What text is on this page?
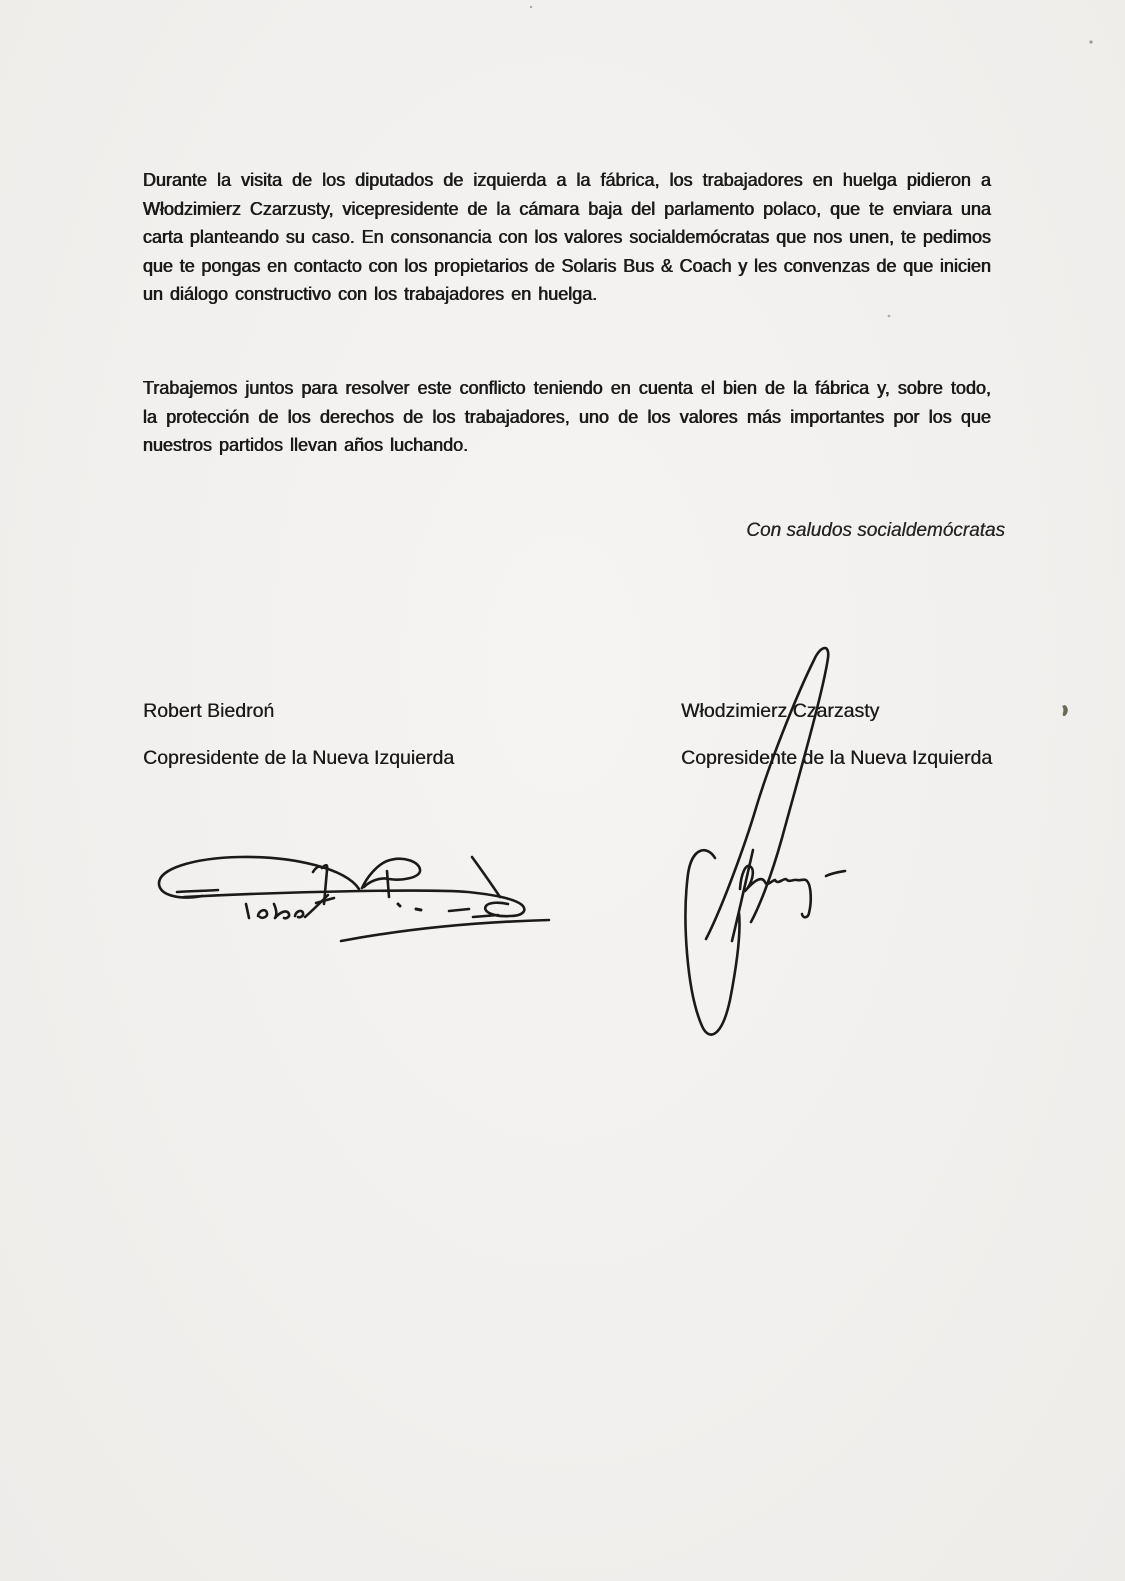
Durante la visita de los diputados de izquierda a la fábrica, los trabajadores en huelga pidieron a
Włodzimierz Czarzusty, vicepresidente de la cámara baja del parlamento polaco, que te enviara una
carta planteando su caso. En consonancia con los valores socialdemócratas que nos unen, te pedimos
que te pongas en contacto con los propietarios de Solaris Bus & Coach y les convenzas de que inicien
un diálogo constructivo con los trabajadores en huelga.
Trabajemos juntos para resolver este conflicto teniendo en cuenta el bien de la fábrica y, sobre todo,
la protección de los derechos de los trabajadores, uno de los valores más importantes por los que
nuestros partidos llevan años luchando.
Con saludos socialdemócratas
Robert Biedroń
Copresidente de la Nueva Izquierda
Włodzimierz Czarzasty
Copresidente de la Nueva Izquierda
